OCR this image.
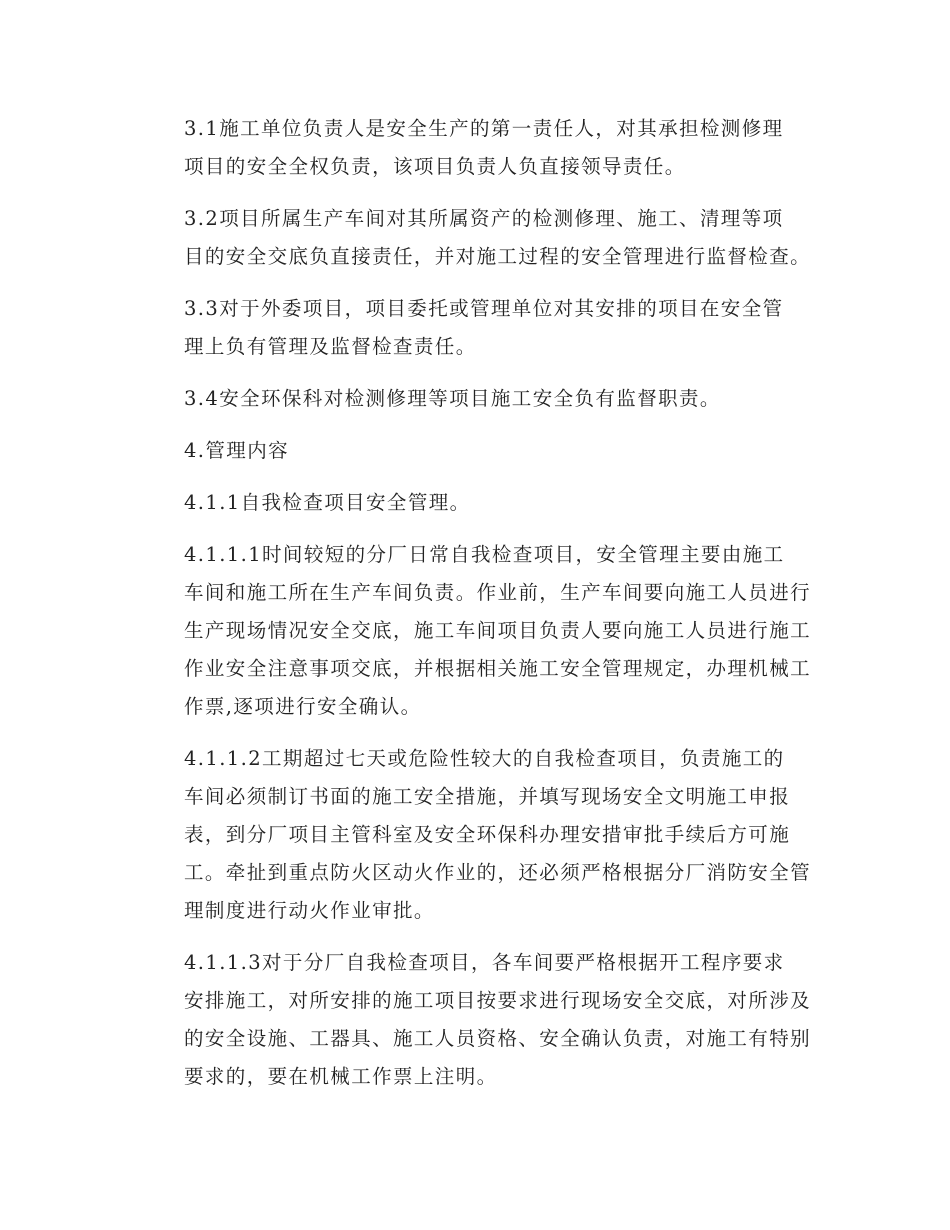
3.1施工单位负责人是安全生产的第一责任人，对其承担检测修理
项目的安全全权负责，该项目负责人负直接领导责任。

3.2项目所属生产车间对其所属资产的检测修理、施工、清理等项
目的安全交底负直接责任，并对施工过程的安全管理进行监督检查。

3.3对于外委项目，项目委托或管理单位对其安排的项目在安全管
理上负有管理及监督检查责任。

3.4安全环保科对检测修理等项目施工安全负有监督职责。

4.管理内容

4.1.1自我检查项目安全管理。

4.1.1.1时间较短的分厂日常自我检查项目，安全管理主要由施工
车间和施工所在生产车间负责。作业前，生产车间要向施工人员进行
生产现场情况安全交底，施工车间项目负责人要向施工人员进行施工
作业安全注意事项交底，并根据相关施工安全管理规定，办理机械工
作票,逐项进行安全确认。

4.1.1.2工期超过七天或危险性较大的自我检查项目，负责施工的
车间必须制订书面的施工安全措施，并填写现场安全文明施工申报
表，到分厂项目主管科室及安全环保科办理安措审批手续后方可施
工。牵扯到重点防火区动火作业的，还必须严格根据分厂消防安全管
理制度进行动火作业审批。

4.1.1.3对于分厂自我检查项目，各车间要严格根据开工程序要求
安排施工，对所安排的施工项目按要求进行现场安全交底，对所涉及
的安全设施、工器具、施工人员资格、安全确认负责，对施工有特别
要求的，要在机械工作票上注明。
